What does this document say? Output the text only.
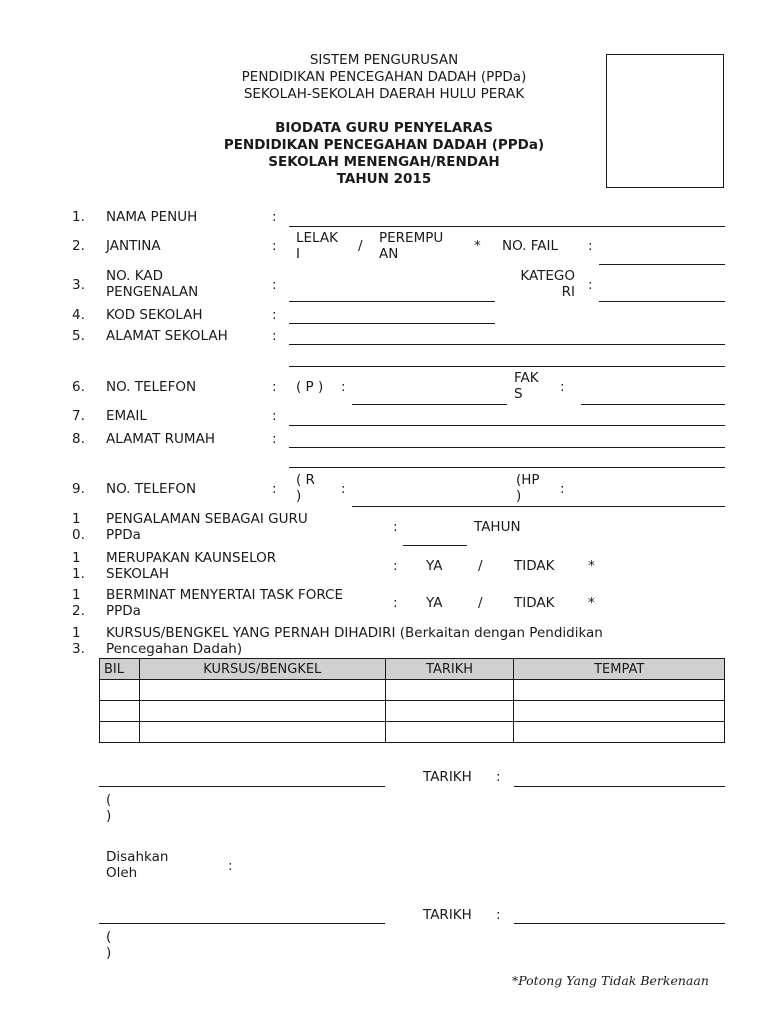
SISTEM PENGURUSAN
PENDIDIKAN PENCEGAHAN DADAH (PPDa)
SEKOLAH-SEKOLAH DAERAH HULU PERAK
BIODATA GURU PENYELARAS
PENDIDIKAN PENCEGAHAN DADAH (PPDa)
SEKOLAH MENENGAH/RENDAH
TAHUN 2015
1. NAMA PENUH	:
2. JANTINA	: LELAK
I	/ PEREMPU
AN	* NO. FAIL :
3.
NO. KAD
PENGENALAN	:
KATEGO
RI :
4. KOD SEKOLAH	:
5. ALAMAT SEKOLAH	:
6. NO. TELEFON	: ( P ) :
FAK
S	:
7. EMAIL	:
8. ALAMAT RUMAH	:
9. NO. TELEFON	:
( R
)	:
(HP
)	:
1
0.
PENGALAMAN SEBAGAI GURU
PPDa	:	TAHUN
1
1.
MERUPAKAN KAUNSELOR
SEKOLAH	: YA	/ TIDAK *
1
2.
BERMINAT MENYERTAI TASK FORCE
PPDa	: YA	/ TIDAK *
1
3.
KURSUS/BENGKEL YANG PERNAH DIHADIRI (Berkaitan dengan Pendidikan
Pencegahan Dadah)
BIL	KURSUS/BENGKEL	TARIKH	TEMPAT

TARIKH :
(
)
Disahkan
Oleh	:
TARIKH :
(
)
*Potong Yang Tidak Berkenaan
